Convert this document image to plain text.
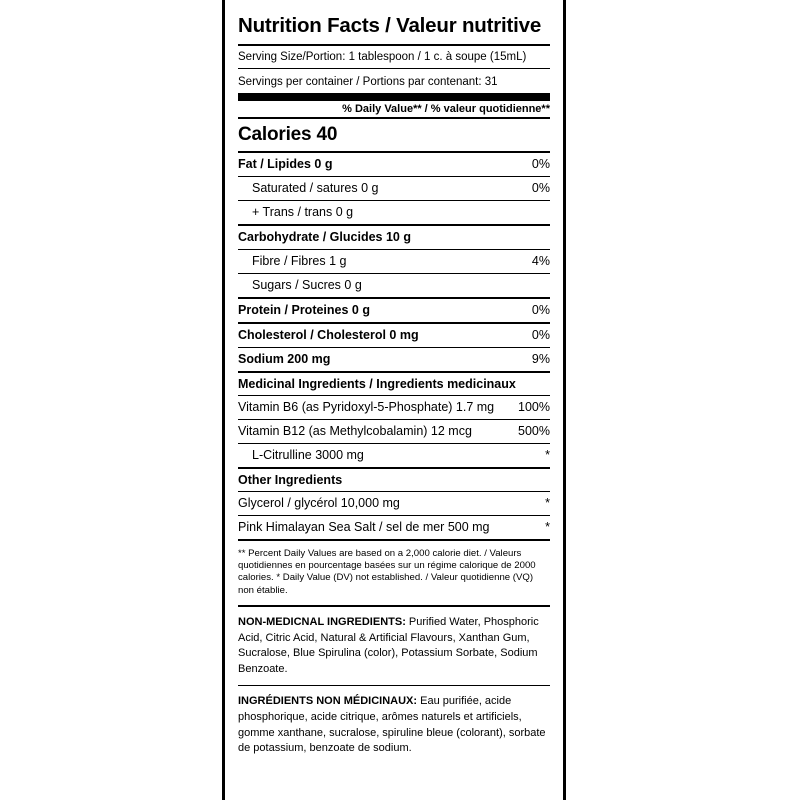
Nutrition Facts / Valeur nutritive
Serving Size/Portion: 1 tablespoon / 1 c. à soupe (15mL)
Servings per container / Portions par contenant: 31
% Daily Value** / % valeur quotidienne**
Calories 40
Fat / Lipides 0 g	0%
Saturated / satures 0 g	0%
+ Trans / trans 0 g
Carbohydrate / Glucides 10 g
Fibre / Fibres 1 g	4%
Sugars / Sucres 0 g
Protein / Proteines 0 g	0%
Cholesterol / Cholesterol 0 mg	0%
Sodium 200 mg	9%
Medicinal Ingredients / Ingredients medicinaux
Vitamin B6 (as Pyridoxyl-5-Phosphate) 1.7 mg	100%
Vitamin B12 (as Methylcobalamin) 12 mcg	500%
L-Citrulline 3000 mg	*
Other Ingredients
Glycerol / glycérol 10,000 mg	*
Pink Himalayan Sea Salt / sel de mer 500 mg	*
** Percent Daily Values are based on a 2,000 calorie diet. / Valeurs quotidiennes en pourcentage basées sur un régime calorique de 2000 calories. * Daily Value (DV) not established. / Valeur quotidienne (VQ) non établie.
NON-MEDICNAL INGREDIENTS: Purified Water, Phosphoric Acid, Citric Acid, Natural & Artificial Flavours, Xanthan Gum, Sucralose, Blue Spirulina (color), Potassium Sorbate, Sodium Benzoate.
INGRÉDIENTS NON MÉDICINAUX: Eau purifiée, acide phosphorique, acide citrique, arômes naturels et artificiels, gomme xanthane, sucralose, spiruline bleue (colorant), sorbate de potassium, benzoate de sodium.
